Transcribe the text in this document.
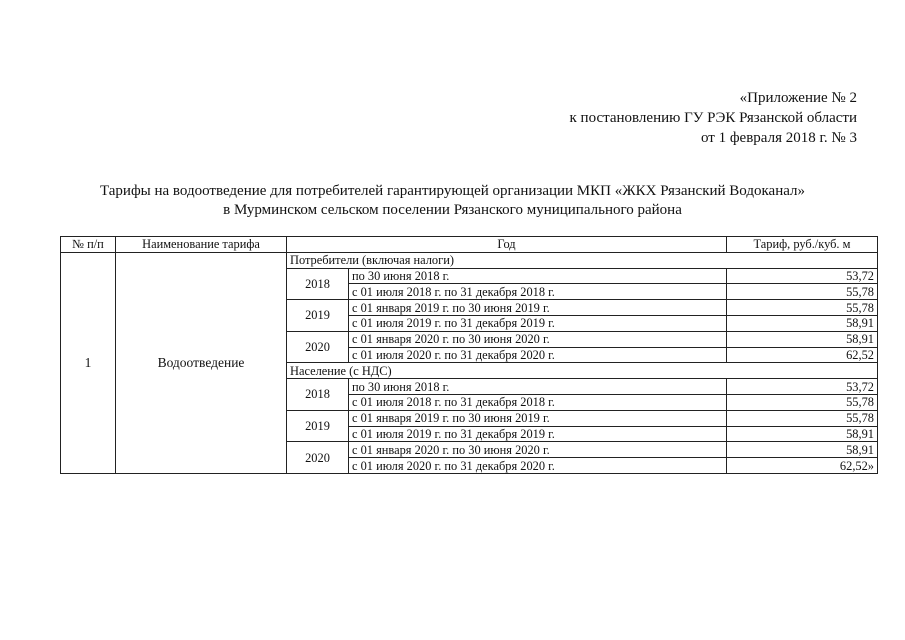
«Приложение № 2
к постановлению ГУ РЭК Рязанской области
от 1 февраля 2018 г. № 3
Тарифы на водоотведение для потребителей гарантирующей организации МКП «ЖКХ Рязанский Водоканал»
в Мурминском сельском поселении Рязанского муниципального района
№ п/п	Наименование тарифа	Год		Тариф, руб./куб. м
1	Водоотведение	Потребители (включая налоги)		
		2018	по 30 июня 2018 г.	53,72
			с 01 июля 2018 г. по 31 декабря 2018 г.	55,78
		2019	с 01 января 2019 г. по 30 июня 2019 г.	55,78
			с 01 июля 2019 г. по 31 декабря 2019 г.	58,91
		2020	с 01 января 2020 г. по 30 июня 2020 г.	58,91
			с 01 июля 2020 г. по 31 декабря 2020 г.	62,52
		Население (с НДС)		
		2018	по 30 июня 2018 г.	53,72
			с 01 июля 2018 г. по 31 декабря 2018 г.	55,78
		2019	с 01 января 2019 г. по 30 июня 2019 г.	55,78
			с 01 июля 2019 г. по 31 декабря 2019 г.	58,91
		2020	с 01 января 2020 г. по 30 июня 2020 г.	58,91
			с 01 июля 2020 г. по 31 декабря 2020 г.	62,52»
